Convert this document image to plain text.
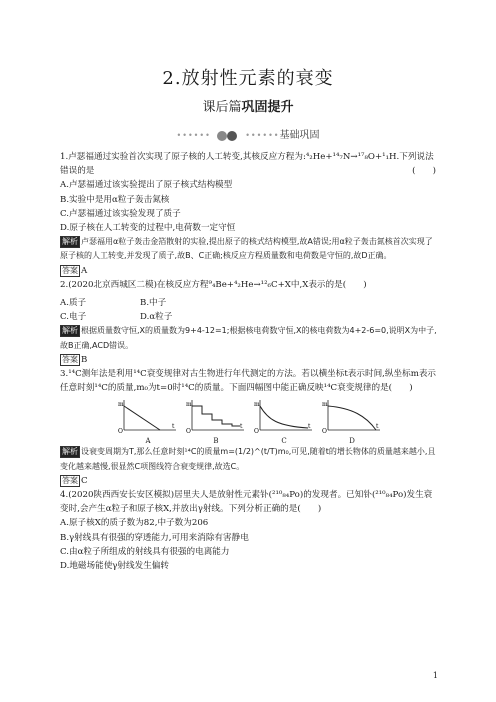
2.放射性元素的衰变
课后篇巩固提升
••••••	••••••基础巩固

1.卢瑟福通过实验首次实现了原子核的人工转变,其核反应方程为:⁴₂He+¹⁴₇N→¹⁷₈O+¹₁H.下列说法错误的是	(　　)

A.卢瑟福通过该实验提出了原子核式结构模型

B.实验中是用α粒子轰击氮核

C.卢瑟福通过该实验发现了质子

D.原子核在人工转变的过程中,电荷数一定守恒

解析 卢瑟福用α粒子轰击金箔散射的实验,提出原子的核式结构模型,故A错误;用α粒子轰击氮核首次实现了原子核的人工转变,并发现了质子,故B、C正确;核反应方程质量数和电荷数是守恒的,故D正确。

答案 A

2.(2020北京西城区二模)在核反应方程⁹₄Be+⁴₂He→¹²₆C+X中,X表示的是(　　)

A.质子	B.中子
C.电子	D.α粒子

解析 根据质量数守恒,X的质量数为9+4-12=1;根据核电荷数守恒,X的核电荷数为4+2-6=0,说明X为中子,故B正确,ACD错误。

答案 B

3.¹⁴C测年法是利用¹⁴C衰变规律对古生物进行年代测定的方法。若以横坐标t表示时间,纵坐标m表示任意时刻¹⁴C的质量,m₀为t=0时¹⁴C的质量。下面四幅图中能正确反映¹⁴C衰变规律的是(　　)

m
t
O
A
m
t
O
B
m
t
O
C
m
t
O
D

解析 设衰变周期为T,那么任意时刻¹⁴C的质量m=(1/2)^(t/T)m₀,可见,随着t的增长物体的质量越来越小,且变化越来越慢,很显然C项图线符合衰变规律,故选C。

答案 C

4.(2020陕西西安长安区模拟)居里夫人是放射性元素钋(²¹⁰₈₄Po)的发现者。已知钋(²¹⁰₈₄Po)发生衰变时,会产生α粒子和原子核X,并放出γ射线。下列分析正确的是(　　)

A.原子核X的质子数为82,中子数为206

B.γ射线具有很强的穿透能力,可用来消除有害静电

C.由α粒子所组成的射线具有很强的电离能力

D.地磁场能使γ射线发生偏转

1
